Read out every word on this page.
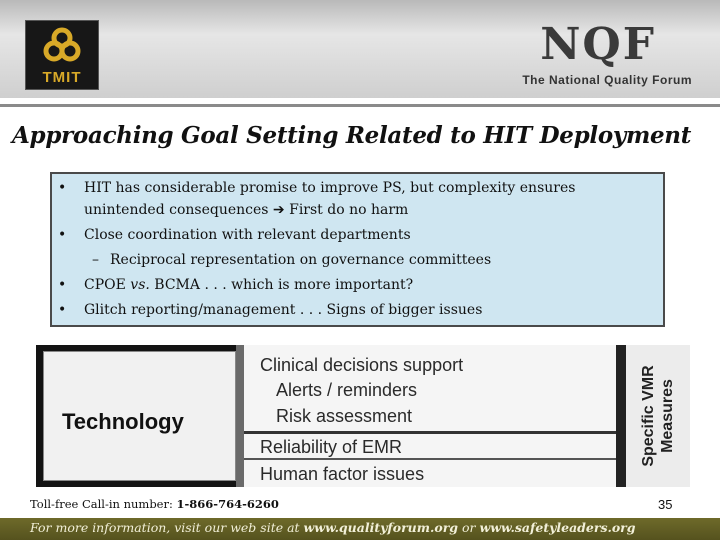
TMIT
NQF
The National Quality Forum
Approaching Goal Setting Related to HIT Deployment
• HIT has considerable promise to improve PS, but complexity ensures
unintended consequences ➔ First do no harm
• Close coordination with relevant departments
– Reciprocal representation on governance committees
• CPOE vs. BCMA . . . which is more important?
• Glitch reporting/management . . . Signs of bigger issues
Technology
Clinical decisions support
Alerts / reminders
Risk assessment
Reliability of EMR
Human factor issues
Specific VMR Measures
Toll-free Call-in number: 1-866-764-6260	35
For more information, visit our web site at www.qualityforum.org or www.safetyleaders.org
